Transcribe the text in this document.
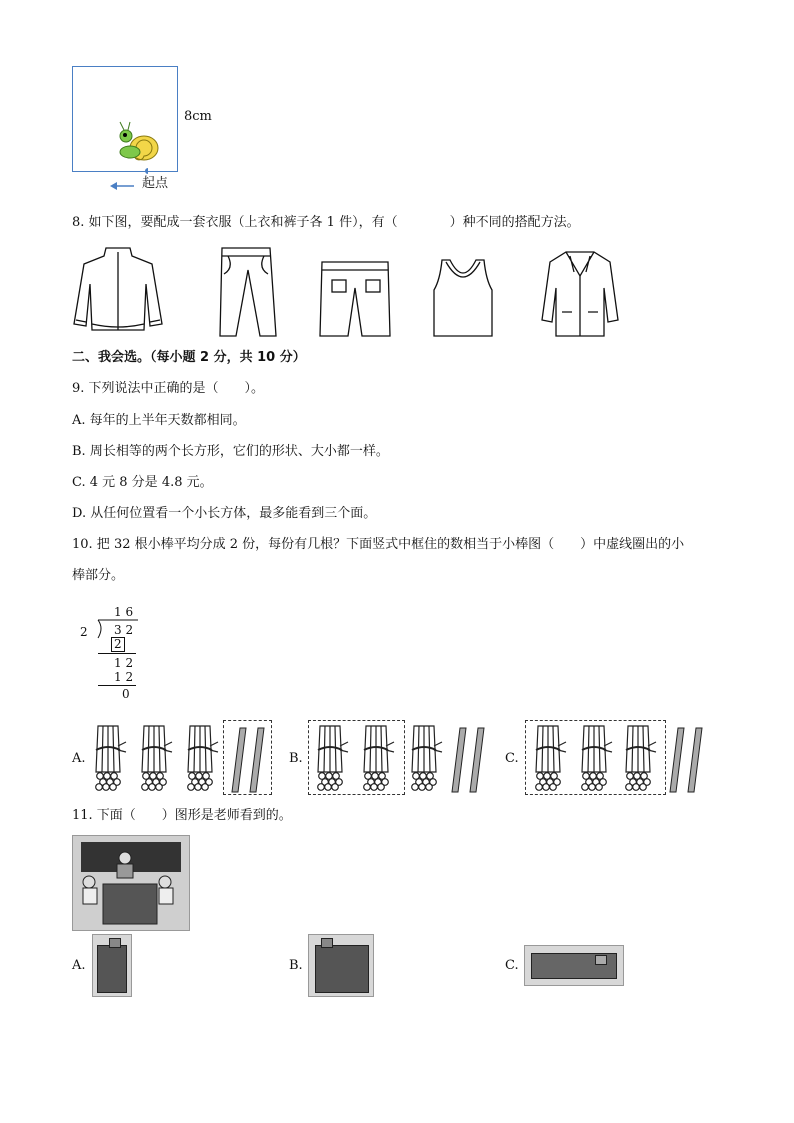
8cm
起点
8. 如下图，要配成一套衣服（上衣和裤子各 1 件），有（　　　　）种不同的搭配方法。
二、我会选。（每小题 2 分，共 10 分）
9. 下列说法中正确的是（　　）。
A. 每年的上半年天数都相同。
B. 周长相等的两个长方形，它们的形状、大小都一样。
C. 4 元 8 分是 4.8 元。
D. 从任何位置看一个小长方体，最多能看到三个面。
10. 把 32 根小棒平均分成 2 份，每份有几根？下面竖式中框住的数相当于小棒图（　　）中虚线圈出的小
棒部分。
1 6
2 3 2
2
1 2
1 2
0
A.	B.	C.
11. 下面（　　）图形是老师看到的。
A.	B.	C.
